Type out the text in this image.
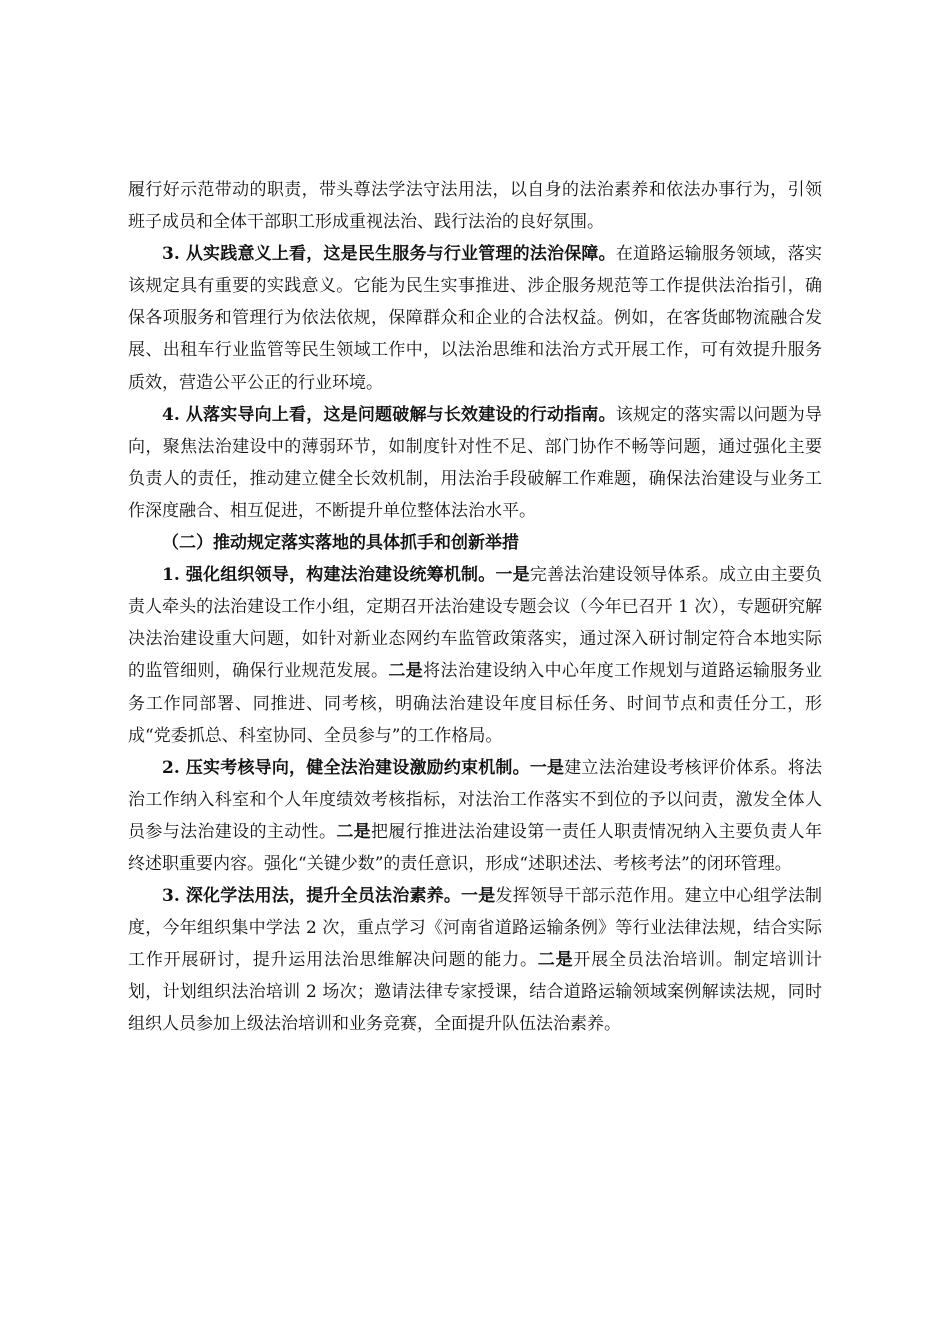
履行好示范带动的职责，带头尊法学法守法用法，以自身的法治素养和依法办事行为，引领班子成员和全体干部职工形成重视法治、践行法治的良好氛围。

3. 从实践意义上看，这是民生服务与行业管理的法治保障。在道路运输服务领域，落实该规定具有重要的实践意义。它能为民生实事推进、涉企服务规范等工作提供法治指引，确保各项服务和管理行为依法依规，保障群众和企业的合法权益。例如，在客货邮物流融合发展、出租车行业监管等民生领域工作中，以法治思维和法治方式开展工作，可有效提升服务质效，营造公平公正的行业环境。

4. 从落实导向上看，这是问题破解与长效建设的行动指南。该规定的落实需以问题为导向，聚焦法治建设中的薄弱环节，如制度针对性不足、部门协作不畅等问题，通过强化主要负责人的责任，推动建立健全长效机制，用法治手段破解工作难题，确保法治建设与业务工作深度融合、相互促进，不断提升单位整体法治水平。

（二）推动规定落实落地的具体抓手和创新举措

1. 强化组织领导，构建法治建设统筹机制。一是完善法治建设领导体系。成立由主要负责人牵头的法治建设工作小组，定期召开法治建设专题会议（今年已召开 1 次），专题研究解决法治建设重大问题，如针对新业态网约车监管政策落实，通过深入研讨制定符合本地实际的监管细则，确保行业规范发展。二是将法治建设纳入中心年度工作规划与道路运输服务业务工作同部署、同推进、同考核，明确法治建设年度目标任务、时间节点和责任分工，形成“党委抓总、科室协同、全员参与”的工作格局。

2. 压实考核导向，健全法治建设激励约束机制。一是建立法治建设考核评价体系。将法治工作纳入科室和个人年度绩效考核指标，对法治工作落实不到位的予以问责，激发全体人员参与法治建设的主动性。二是把履行推进法治建设第一责任人职责情况纳入主要负责人年终述职重要内容。强化“关键少数”的责任意识，形成“述职述法、考核考法”的闭环管理。

3. 深化学法用法，提升全员法治素养。一是发挥领导干部示范作用。建立中心组学法制度，今年组织集中学法 2 次，重点学习《河南省道路运输条例》等行业法律法规，结合实际工作开展研讨，提升运用法治思维解决问题的能力。二是开展全员法治培训。制定培训计划，计划组织法治培训 2 场次；邀请法律专家授课，结合道路运输领域案例解读法规，同时组织人员参加上级法治培训和业务竞赛，全面提升队伍法治素养。
